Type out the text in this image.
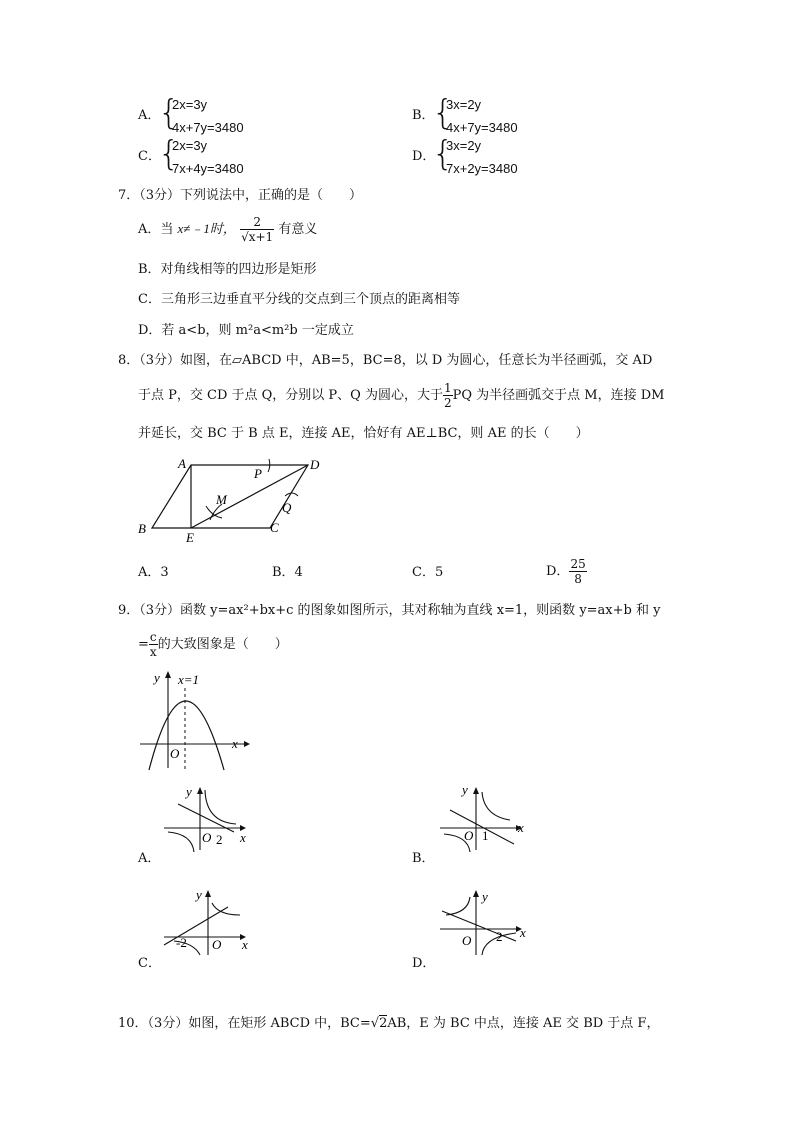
A．
{
2x=3y
4x+7y=3480
B．
{
3x=2y
4x+7y=3480
C．
{
2x=3y
7x+4y=3480
D．
{
3x=2y
7x+2y=3480
7．（3分）下列说法中，正确的是（　　）
A．当 x≠﹣1时， $\frac{2}{√x+1}$ 有意义
B．对角线相等的四边形是矩形
C．三角形三边垂直平分线的交点到三个顶点的距离相等
D．若 a<b，则 m²a<m²b 一定成立
8．（3分）如图，在▱ABCD 中，AB=5，BC=8，以 D 为圆心，任意长为半径画弧，交 AD
于点 P，交 CD 于点 Q，分别以 P、Q 为圆心，大于 $\frac{1}{2}$ PQ 为半径画弧交于点 M，连接 DM
并延长，交 BC 于 B 点 E，连接 AE，恰好有 AE⊥BC，则 AE 的长（　　）
A	D
P
M
Q
B
E
C
A．3	B．4	C．5	D． $\frac{25}{8}$
9．（3分）函数 y=ax²+bx+c 的图象如图所示，其对称轴为直线 x=1，则函数 y=ax+b 和 y
= $\frac{c}{x}$ 的大致图象是（　　）
y
x
O
x=1
y
x
O 2
A．
y
x
O 1
B．
y
x
O
-2
C．
y
x
O 2
D．
10．（3分）如图，在矩形 ABCD 中，BC=√2AB，E 为 BC 中点，连接 AE 交 BD 于点 F，
